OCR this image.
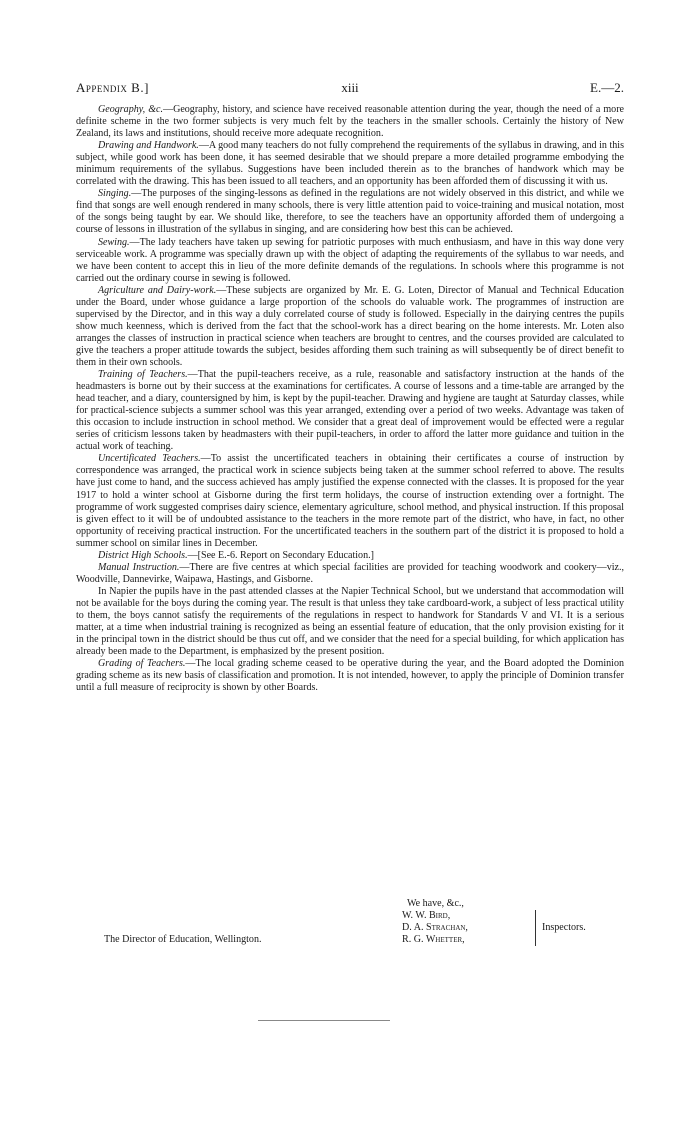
Appendix B.]	xiii	E.—2.

Geography, &c.—Geography, history, and science have received reasonable attention during the year, though the need of a more definite scheme in the two former subjects is very much felt by the teachers in the smaller schools. Certainly the history of New Zealand, its laws and institutions, should receive more adequate recognition.

Drawing and Handwork.—A good many teachers do not fully comprehend the requirements of the syllabus in drawing, and in this subject, while good work has been done, it has seemed desirable that we should prepare a more detailed programme embodying the minimum requirements of the syllabus. Suggestions have been included therein as to the branches of handwork which may be correlated with the drawing. This has been issued to all teachers, and an opportunity has been afforded them of discussing it with us.

Singing.—The purposes of the singing-lessons as defined in the regulations are not widely observed in this district, and while we find that songs are well enough rendered in many schools, there is very little attention paid to voice-training and musical notation, most of the songs being taught by ear. We should like, therefore, to see the teachers have an opportunity afforded them of undergoing a course of lessons in illustration of the syllabus in singing, and are considering how best this can be achieved.

Sewing.—The lady teachers have taken up sewing for patriotic purposes with much enthusiasm, and have in this way done very serviceable work. A programme was specially drawn up with the object of adapting the requirements of the syllabus to war needs, and we have been content to accept this in lieu of the more definite demands of the regulations. In schools where this programme is not carried out the ordinary course in sewing is followed.

Agriculture and Dairy-work.—These subjects are organized by Mr. E. G. Loten, Director of Manual and Technical Education under the Board, under whose guidance a large proportion of the schools do valuable work. The programmes of instruction are supervised by the Director, and in this way a duly correlated course of study is followed. Especially in the dairying centres the pupils show much keenness, which is derived from the fact that the school-work has a direct bearing on the home interests. Mr. Loten also arranges the classes of instruction in practical science when teachers are brought to centres, and the courses provided are calculated to give the teachers a proper attitude towards the subject, besides affording them such training as will subsequently be of direct benefit to them in their own schools.

Training of Teachers.—That the pupil-teachers receive, as a rule, reasonable and satisfactory instruction at the hands of the headmasters is borne out by their success at the examinations for certificates. A course of lessons and a time-table are arranged by the head teacher, and a diary, countersigned by him, is kept by the pupil-teacher. Drawing and hygiene are taught at Saturday classes, while for practical-science subjects a summer school was this year arranged, extending over a period of two weeks. Advantage was taken of this occasion to include instruction in school method. We consider that a great deal of improvement would be effected were a regular series of criticism lessons taken by headmasters with their pupil-teachers, in order to afford the latter more guidance and tuition in the actual work of teaching.

Uncertificated Teachers.—To assist the uncertificated teachers in obtaining their certificates a course of instruction by correspondence was arranged, the practical work in science subjects being taken at the summer school referred to above. The results have just come to hand, and the success achieved has amply justified the expense connected with the classes. It is proposed for the year 1917 to hold a winter school at Gisborne during the first term holidays, the course of instruction extending over a fortnight. The programme of work suggested comprises dairy science, elementary agriculture, school method, and physical instruction. If this proposal is given effect to it will be of undoubted assistance to the teachers in the more remote part of the district, who have, in fact, no other opportunity of receiving practical instruction. For the uncertificated teachers in the southern part of the district it is proposed to hold a summer school on similar lines in December.

District High Schools.—[See E.-6. Report on Secondary Education.]

Manual Instruction.—There are five centres at which special facilities are provided for teaching woodwork and cookery—viz., Woodville, Dannevirke, Waipawa, Hastings, and Gisborne.

In Napier the pupils have in the past attended classes at the Napier Technical School, but we understand that accommodation will not be available for the boys during the coming year. The result is that unless they take cardboard-work, a subject of less practical utility to them, the boys cannot satisfy the requirements of the regulations in respect to handwork for Standards V and VI. It is a serious matter, at a time when industrial training is recognized as being an essential feature of education, that the only provision existing for it in the principal town in the district should be thus cut off, and we consider that the need for a special building, for which application has already been made to the Department, is emphasized by the present position.

Grading of Teachers.—The local grading scheme ceased to be operative during the year, and the Board adopted the Dominion grading scheme as its new basis of classification and promotion. It is not intended, however, to apply the principle of Dominion transfer until a full measure of reciprocity is shown by other Boards.

We have, &c.,
W. W. Bird,
D. A. Strachan,
R. G. Whetter,
Inspectors.
The Director of Education, Wellington.
